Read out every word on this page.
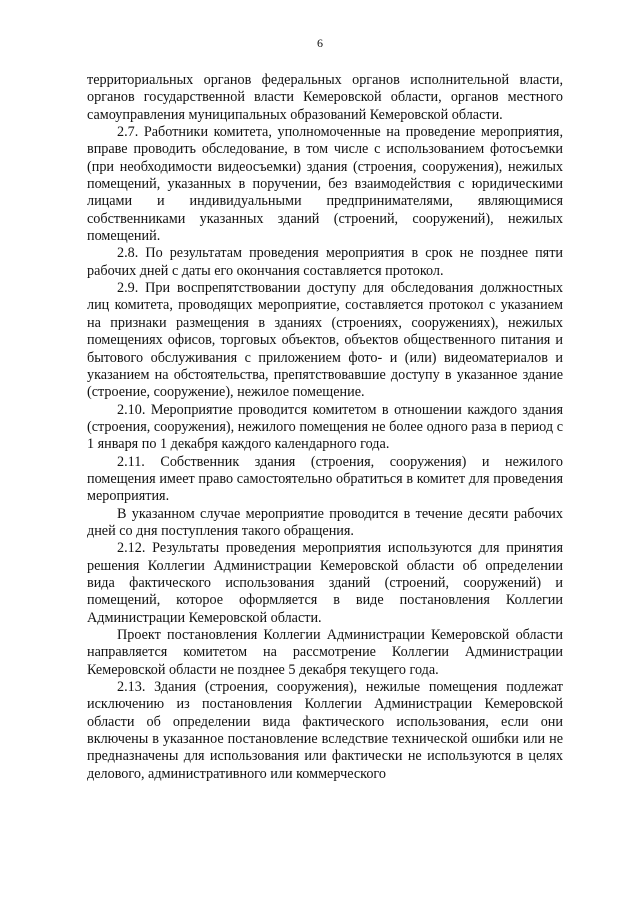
6

территориальных органов федеральных органов исполнительной власти, органов государственной власти Кемеровской области, органов местного самоуправления муниципальных образований Кемеровской области.

2.7. Работники комитета, уполномоченные на проведение мероприятия, вправе проводить обследование, в том числе с использованием фотосъемки (при необходимости видеосъемки) здания (строения, сооружения), нежилых помещений, указанных в поручении, без взаимодействия с юридическими лицами и индивидуальными предпринимателями, являющимися собственниками указанных зданий (строений, сооружений), нежилых помещений.

2.8. По результатам проведения мероприятия в срок не позднее пяти рабочих дней с даты его окончания составляется протокол.

2.9. При воспрепятствовании доступу для обследования должностных лиц комитета, проводящих мероприятие, составляется протокол с указанием на признаки размещения в зданиях (строениях, сооружениях), нежилых помещениях офисов, торговых объектов, объектов общественного питания и бытового обслуживания с приложением фото- и (или) видеоматериалов и указанием на обстоятельства, препятствовавшие доступу в указанное здание (строение, сооружение), нежилое помещение.

2.10. Мероприятие проводится комитетом в отношении каждого здания (строения, сооружения), нежилого помещения не более одного раза в период с 1 января по 1 декабря каждого календарного года.

2.11. Собственник здания (строения, сооружения) и нежилого помещения имеет право самостоятельно обратиться в комитет для проведения мероприятия.

В указанном случае мероприятие проводится в течение десяти рабочих дней со дня поступления такого обращения.

2.12. Результаты проведения мероприятия используются для принятия решения Коллегии Администрации Кемеровской области об определении вида фактического использования зданий (строений, сооружений) и помещений, которое оформляется в виде постановления Коллегии Администрации Кемеровской области.

Проект постановления Коллегии Администрации Кемеровской области направляется комитетом на рассмотрение Коллегии Администрации Кемеровской области не позднее 5 декабря текущего года.

2.13. Здания (строения, сооружения), нежилые помещения подлежат исключению из постановления Коллегии Администрации Кемеровской области об определении вида фактического использования, если они включены в указанное постановление вследствие технической ошибки или не предназначены для использования или фактически не используются в целях делового, административного или коммерческого
